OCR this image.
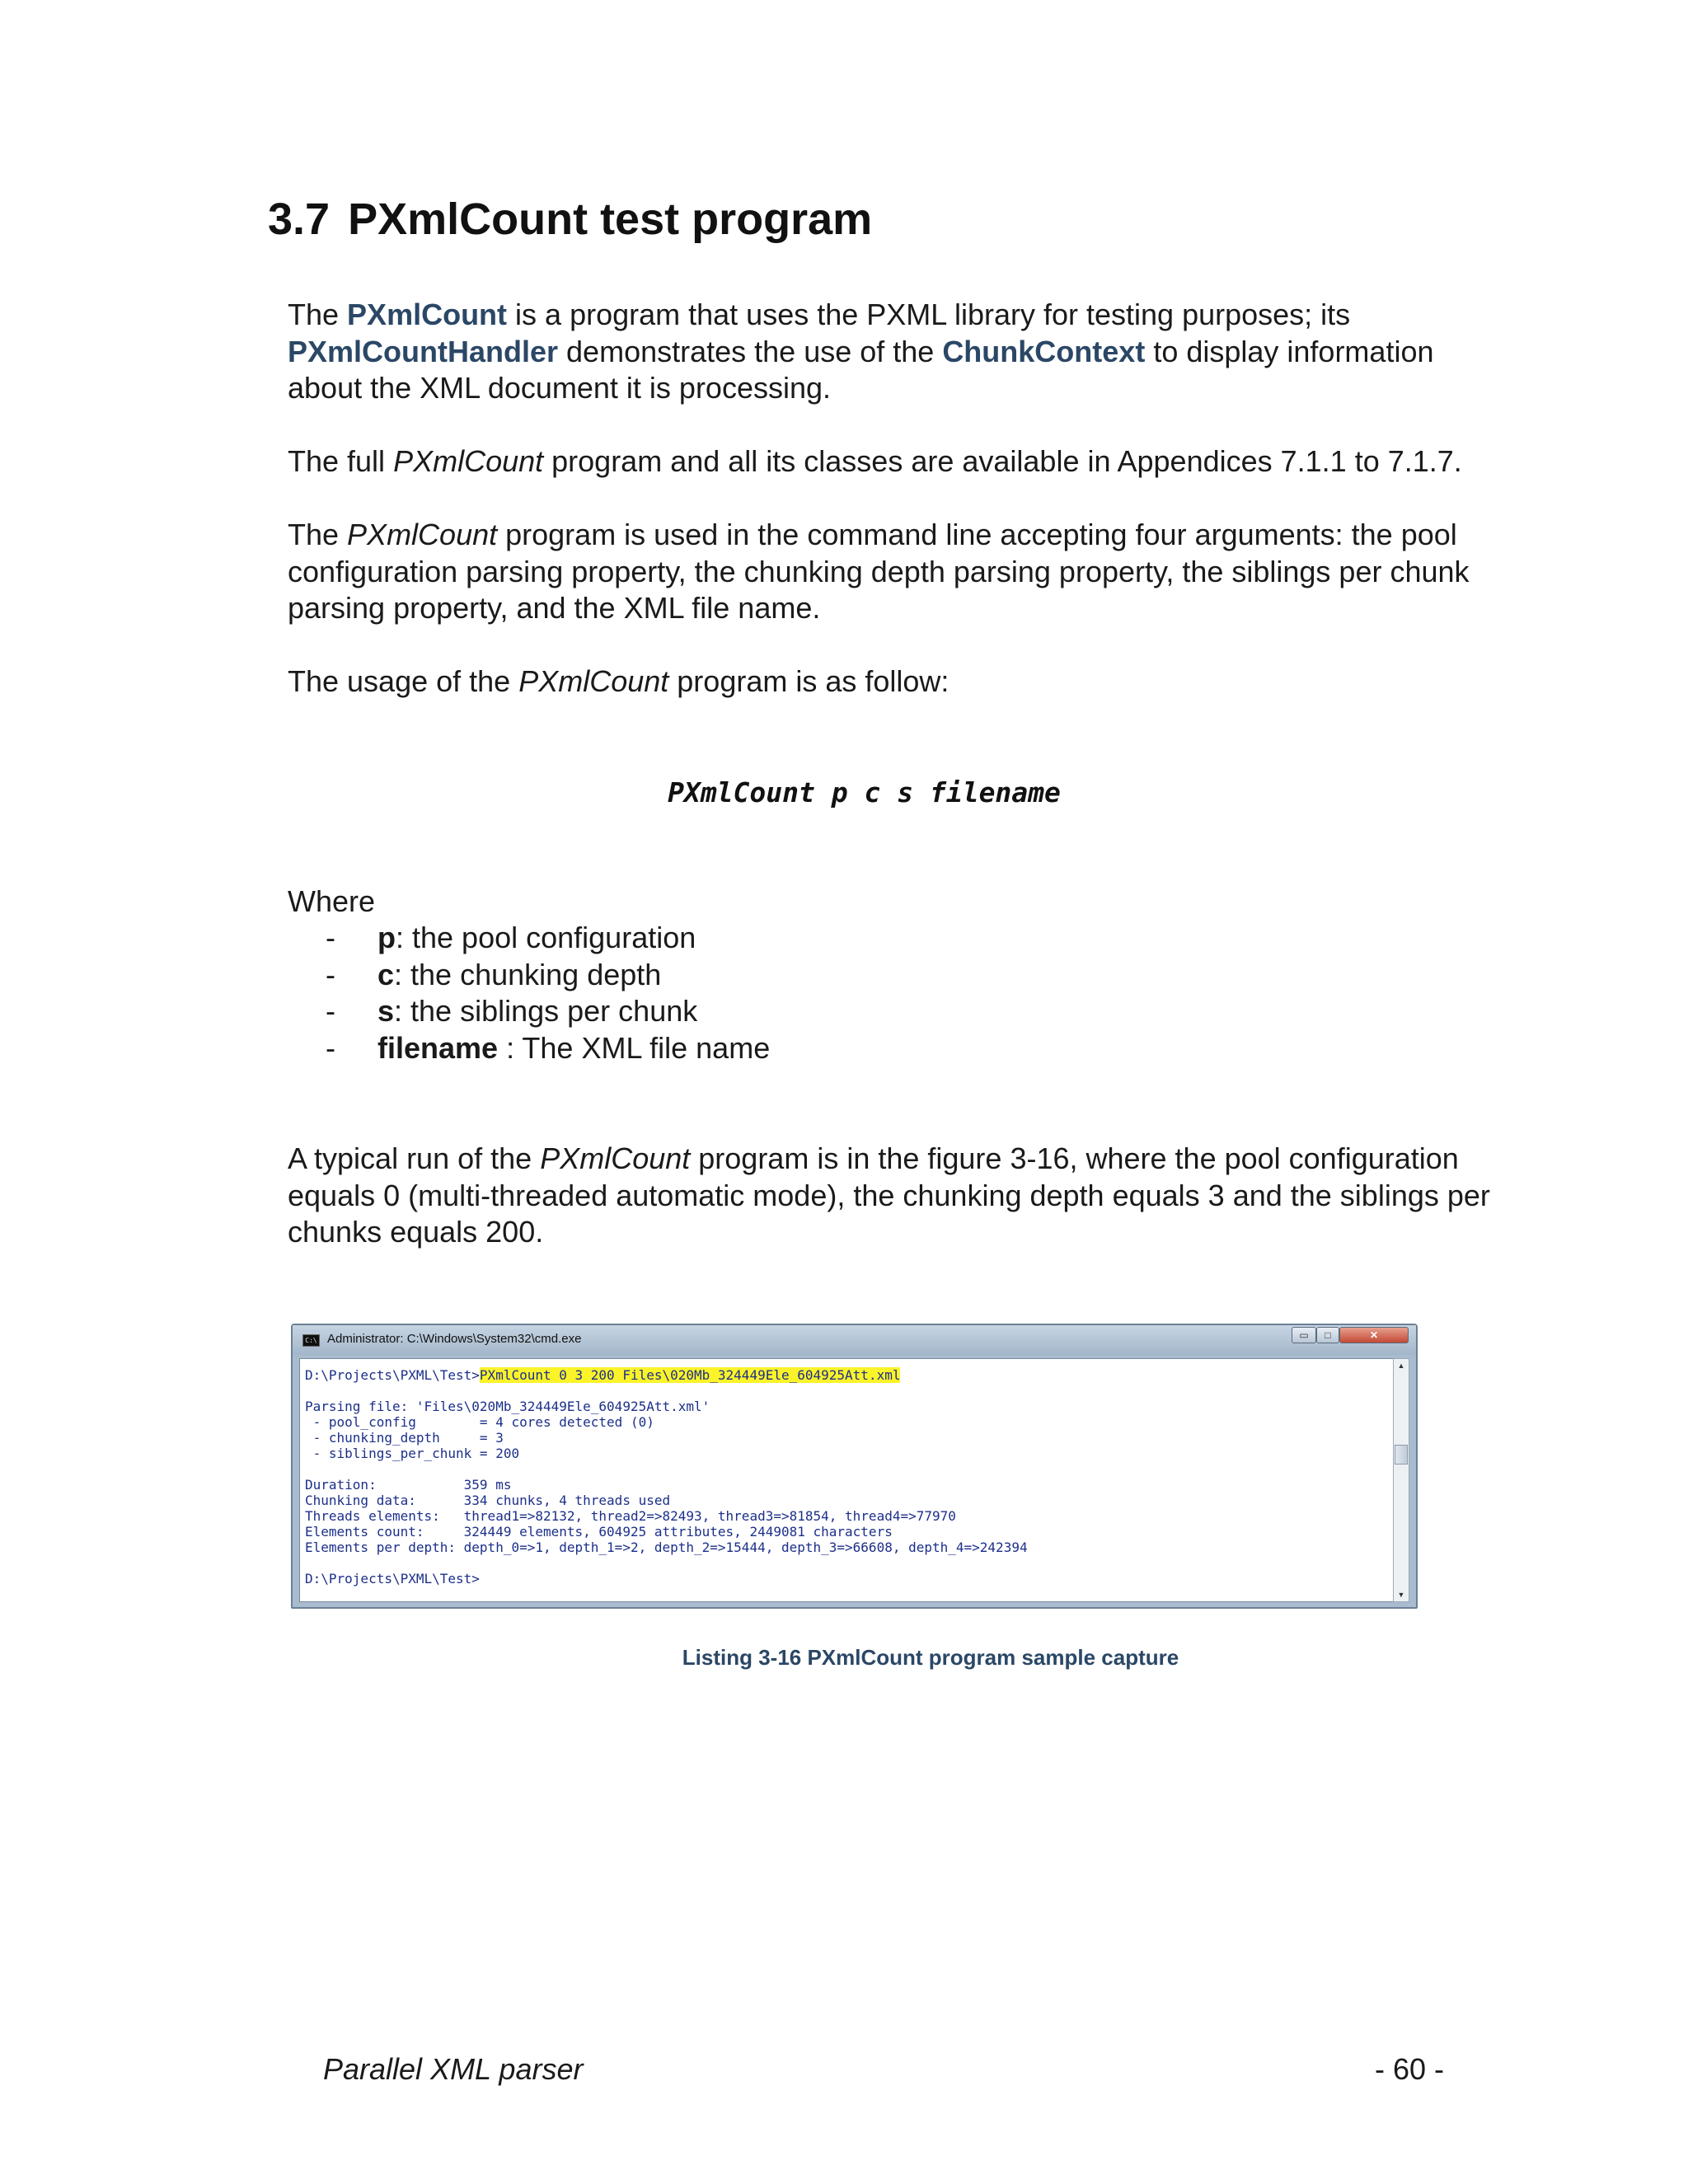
3.7 PXmlCount test program

The PXmlCount is a program that uses the PXML library for testing purposes; its PXmlCountHandler demonstrates the use of the ChunkContext to display information about the XML document it is processing.

The full PXmlCount program and all its classes are available in Appendices 7.1.1 to 7.1.7.

The PXmlCount program is used in the command line accepting four arguments: the pool configuration parsing property, the chunking depth parsing property, the siblings per chunk parsing property, and the XML file name.

The usage of the PXmlCount program is as follow:

PXmlCount p c s filename

Where

- p: the pool configuration
- c: the chunking depth
- s: the siblings per chunk
- filename : The XML file name

A typical run of the PXmlCount program is in the figure 3-16, where the pool configuration equals 0 (multi-threaded automatic mode), the chunking depth equals 3 and the siblings per chunks equals 200.

C:\ Administrator: C:\Windows\System32\cmd.exe	▭	□	✕
D:\Projects\PXML\Test>PXmlCount 0 3 200 Files\020Mb_324449Ele_604925Att.xml

Parsing file: 'Files\020Mb_324449Ele_604925Att.xml'
- pool_config        = 4 cores detected (0)
- chunking_depth     = 3
- siblings_per_chunk = 200

Duration:           359 ms
Chunking data:      334 chunks, 4 threads used
Threads elements:   thread1=>82132, thread2=>82493, thread3=>81854, thread4=>77970
Elements count:     324449 elements, 604925 attributes, 2449081 characters
Elements per depth: depth_0=>1, depth_1=>2, depth_2=>15444, depth_3=>66608, depth_4=>242394

D:\Projects\PXML\Test>
▲
▼
Listing 3-16 PXmlCount program sample capture
Parallel XML parser	- 60 -
